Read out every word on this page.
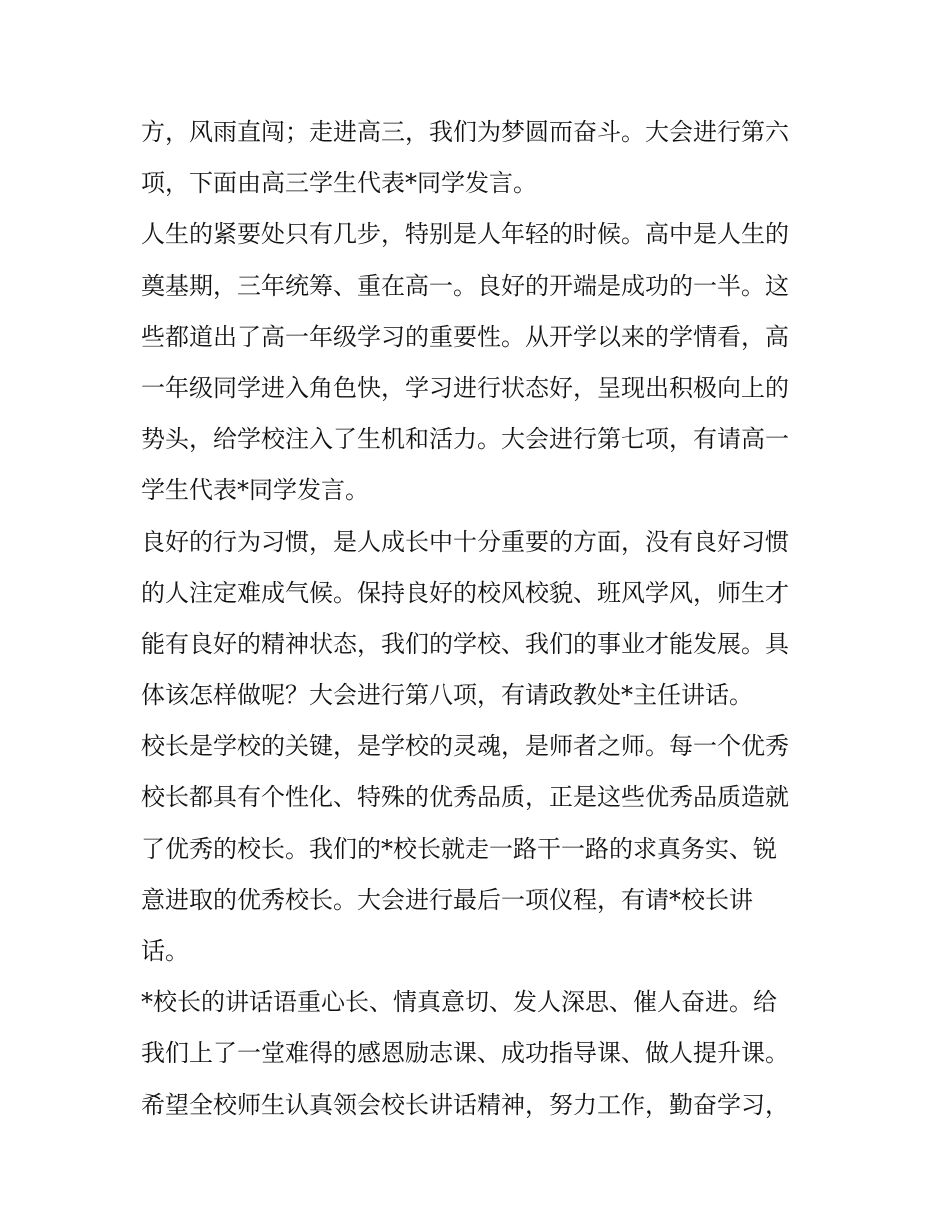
方，风雨直闯；走进高三，我们为梦圆而奋斗。大会进行第六
项，下面由高三学生代表*同学发言。
人生的紧要处只有几步，特别是人年轻的时候。高中是人生的
奠基期，三年统筹、重在高一。良好的开端是成功的一半。这
些都道出了高一年级学习的重要性。从开学以来的学情看，高
一年级同学进入角色快，学习进行状态好，呈现出积极向上的
势头，给学校注入了生机和活力。大会进行第七项，有请高一
学生代表*同学发言。
良好的行为习惯，是人成长中十分重要的方面，没有良好习惯
的人注定难成气候。保持良好的校风校貌、班风学风，师生才
能有良好的精神状态，我们的学校、我们的事业才能发展。具
体该怎样做呢？大会进行第八项，有请政教处*主任讲话。
校长是学校的关键，是学校的灵魂，是师者之师。每一个优秀
校长都具有个性化、特殊的优秀品质，正是这些优秀品质造就
了优秀的校长。我们的*校长就走一路干一路的求真务实、锐
意进取的优秀校长。大会进行最后一项仪程，有请*校长讲
话。
*校长的讲话语重心长、情真意切、发人深思、催人奋进。给
我们上了一堂难得的感恩励志课、成功指导课、做人提升课。
希望全校师生认真领会校长讲话精神，努力工作，勤奋学习，
